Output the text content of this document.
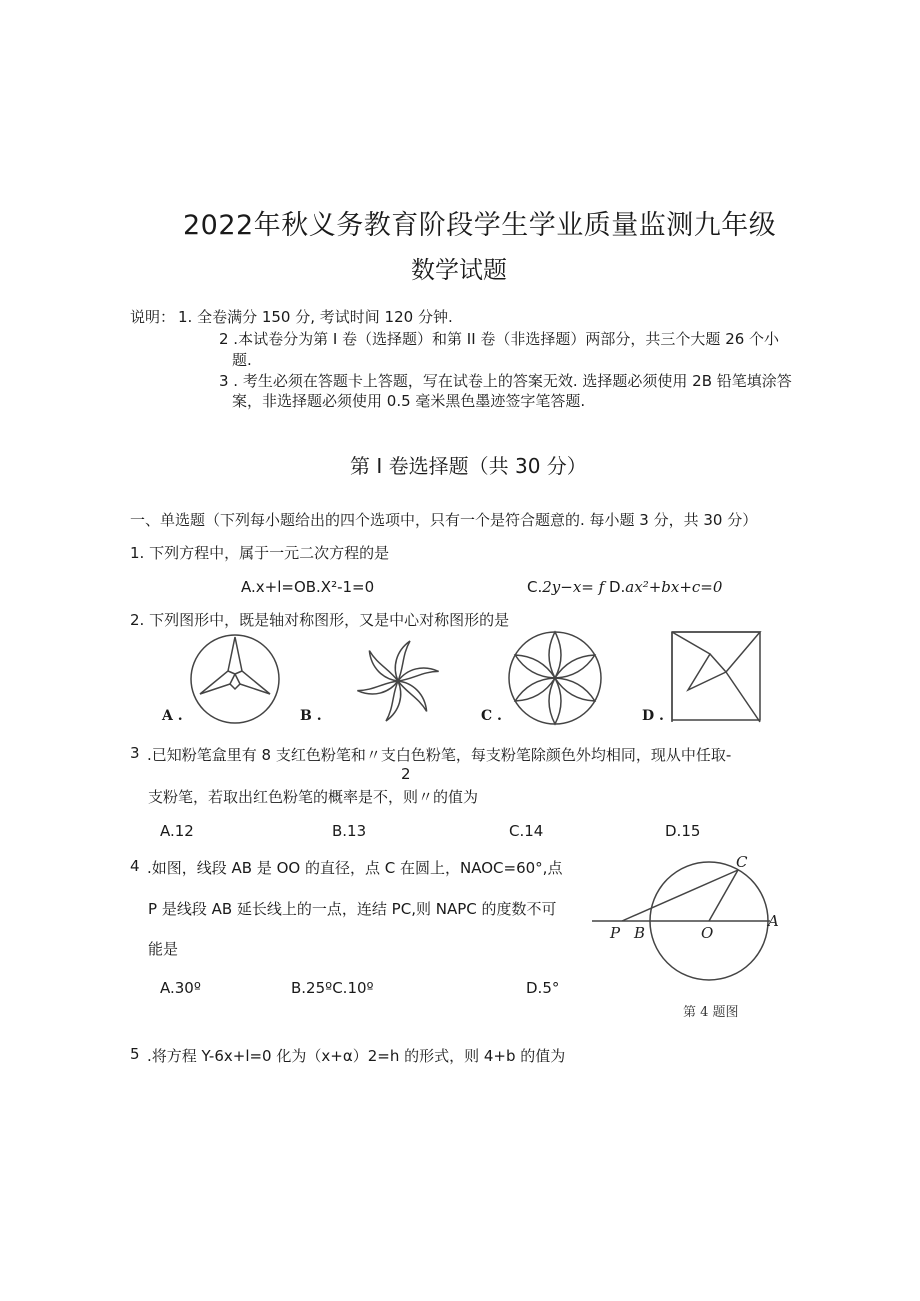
2022年秋义务教育阶段学生学业质量监测九年级
数学试题
说明： 1. 全卷满分 150 分, 考试时间 120 分钟.
2 .本试卷分为第 I 卷（选择题）和第 II 卷（非选择题）两部分，共三个大题 26 个小
题.
3 . 考生必须在答题卡上答题，写在试卷上的答案无效. 选择题必须使用 2B 铅笔填涂答
案，非选择题必须使用 0.5 毫米黑色墨迹签字笔答题.
第 I 卷选择题（共 30 分）
一、单选题（下列每小题给出的四个选项中，只有一个是符合题意的. 每小题 3 分，共 30 分）
1. 下列方程中，属于一元二次方程的是
A.x+l=OB.X²-1=0	C.2y−x= f D.ax²+bx+c=0
2. 下列图形中，既是轴对称图形，又是中心对称图形的是
A .	B .	C .	D .
3 .已知粉笔盒里有 8 支红色粉笔和〃支白色粉笔，每支粉笔除颜色外均相同，现从中任取-
2
支粉笔，若取出红色粉笔的概率是不，则〃的值为
A.12	B.13	C.14	D.15
4 .如图，线段 AB 是 OO 的直径，点 C 在圆上，NAOC=60°,点
P 是线段 AB 延长线上的一点，连结 PC,则 NAPC 的度数不可
能是
A.30º	B.25ºC.10º	D.5°
C
P B	O
A
第 4 题图
5 .将方程 Y-6x+l=0 化为（x+α）2=h 的形式，则 4+b 的值为
